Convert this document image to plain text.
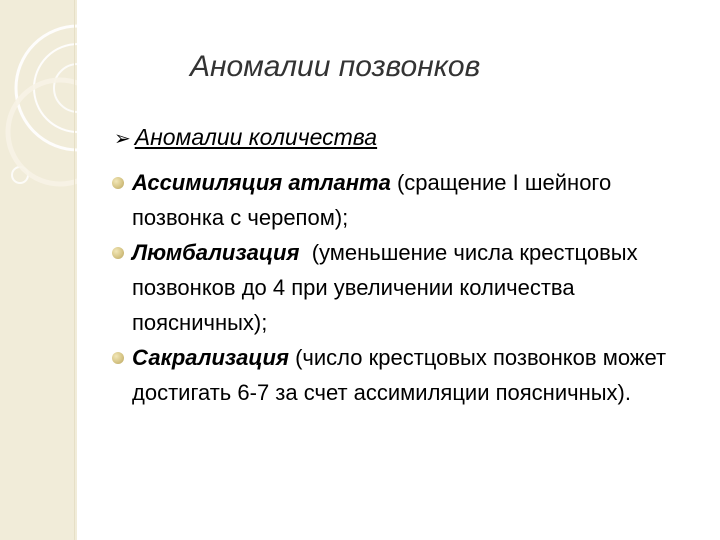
Аномалии позвонков
➢ Аномалии количества
Ассимиляция атланта (сращение I шейного позвонка с черепом);
Люмбализация (уменьшение числа крестцовых позвонков до 4 при увеличении количества поясничных);
Сакрализация (число крестцовых позвонков может достигать 6-7 за счет ассимиляции поясничных).
